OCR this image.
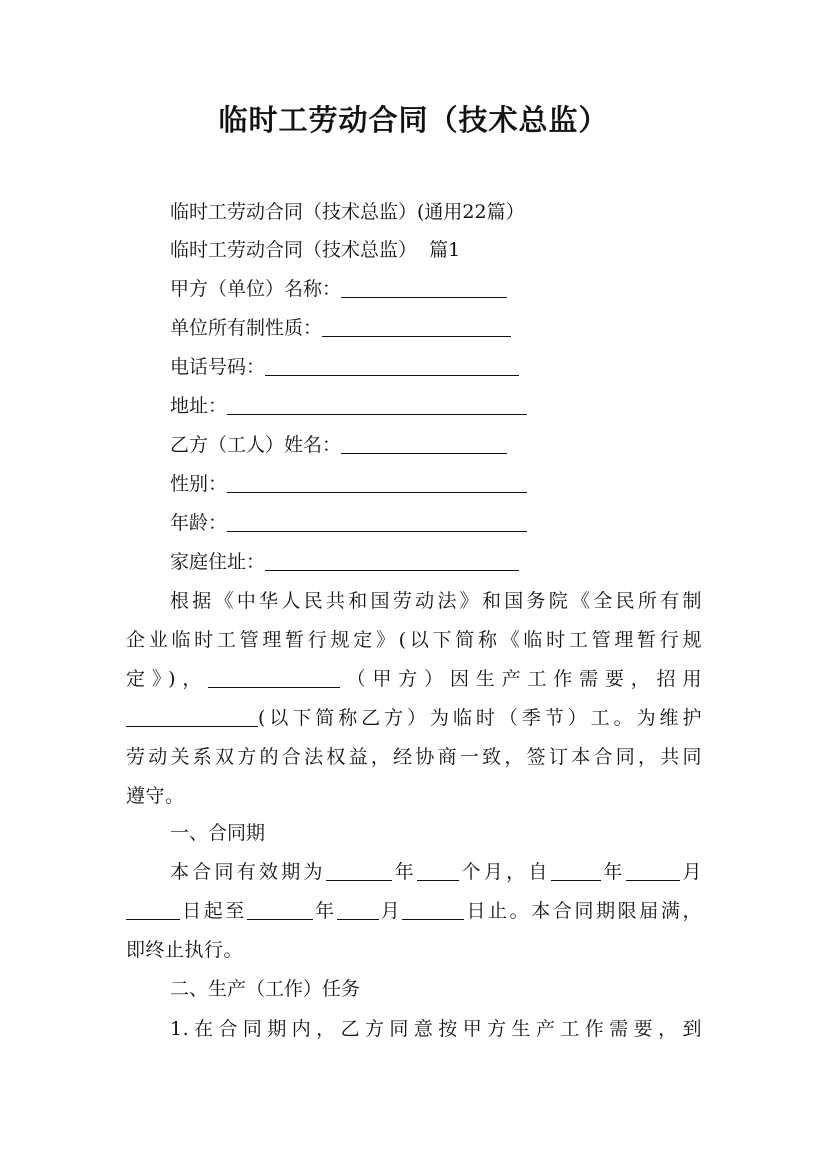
临时工劳动合同（技术总监）
临时工劳动合同（技术总监）(通用22篇）
临时工劳动合同（技术总监）  篇1
甲方（单位）名称：
单位所有制性质：
电话号码：
地址：
乙方（工人）姓名：
性别：
年龄：
家庭住址：
根据《中华人民共和国劳动法》和国务院《全民所有制
企业临时工管理暂行规定》(以下简称《临时工管理暂行规
定》)，	（甲方）因生产工作需要，招用
(以下简称乙方）为临时（季节）工。为维护
劳动关系双方的合法权益，经协商一致，签订本合同，共同
遵守。
一、合同期
本合同有效期为	年 个月，自	年	月
日起至	年 月	日止。本合同期限届满，
即终止执行。
二、生产（工作）任务
1.在合同期内，乙方同意按甲方生产工作需要，到
